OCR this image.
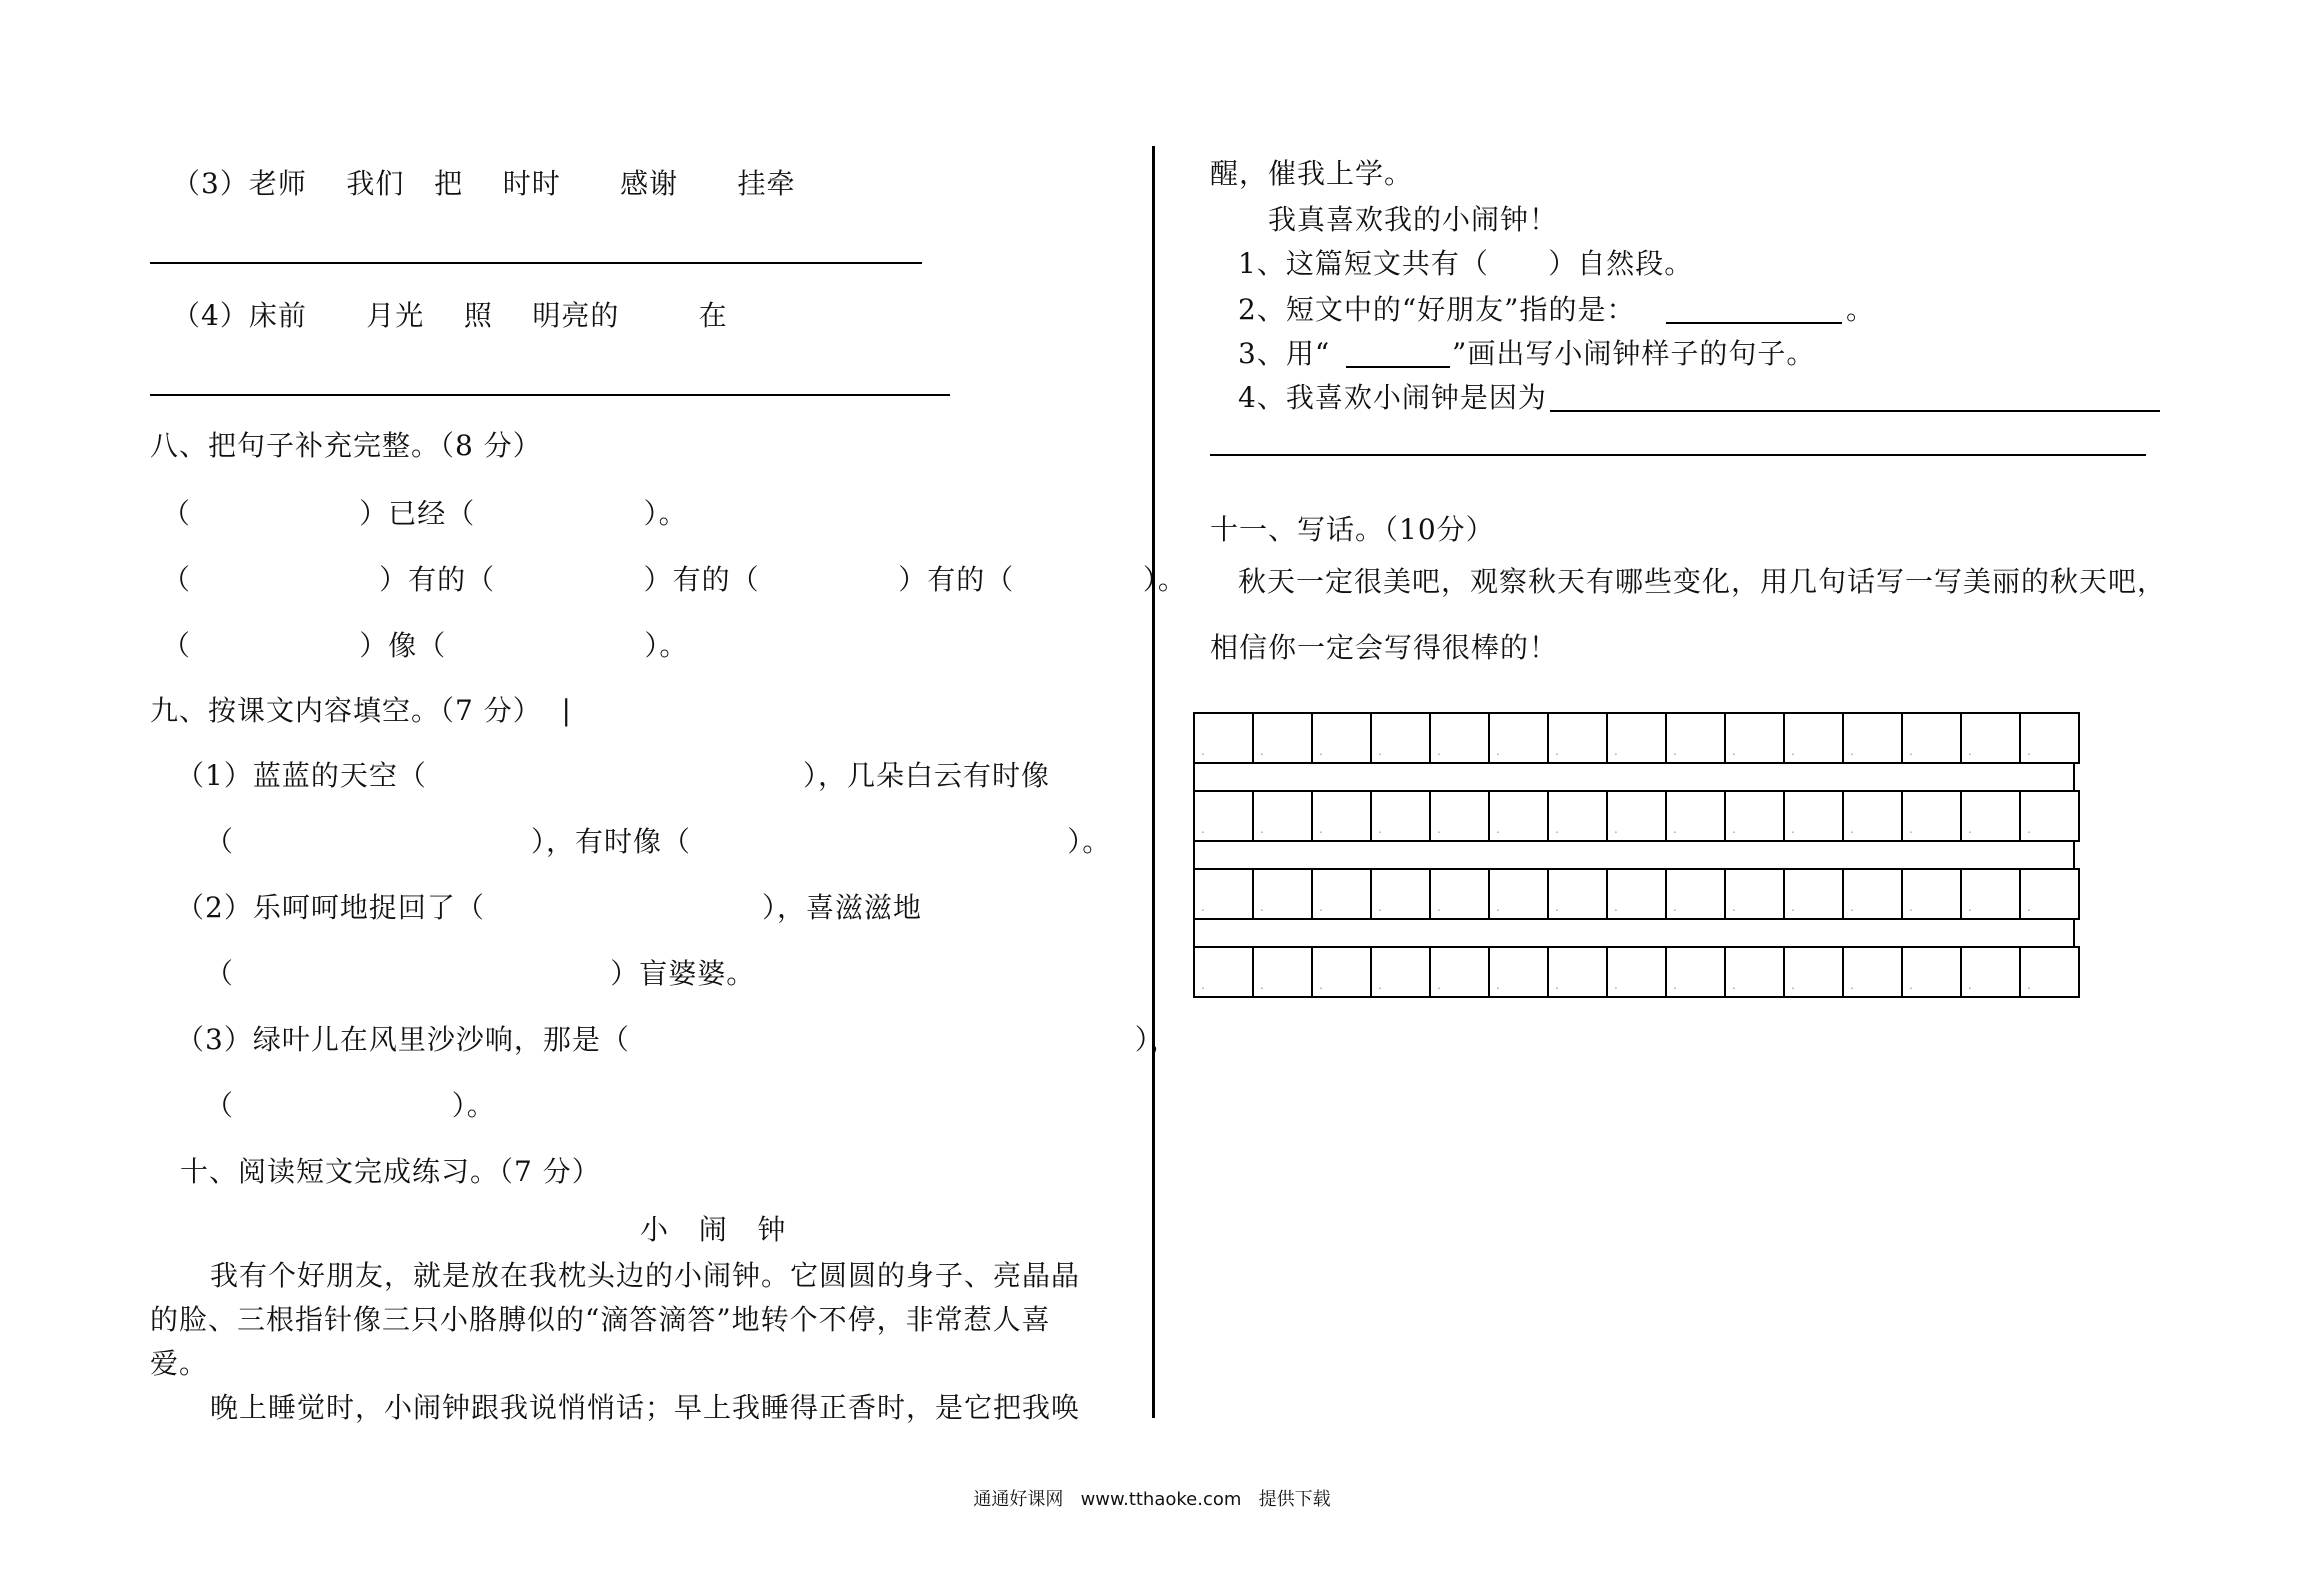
（3）老师    我们   把    时时      感谢      挂牵
（4）床前      月光    照    明亮的        在
八、把句子补充完整。（8 分）
（                 ）已经（                 ）。
（                   ）有的（               ）有的（              ）有的（             ）。
（                 ）像（                    ）。
九、按课文内容填空。（7 分）  |
（1）蓝蓝的天空（                                      ），几朵白云有时像
（                              ），有时像（                                      ）。
（2）乐呵呵地捉回了（                            ），喜滋滋地
（                                      ）盲婆婆。
（3）绿叶儿在风里沙沙响，那是（                                                   ），
（                      ）。
十、阅读短文完成练习。（7 分）
小   闹   钟
我有个好朋友，就是放在我枕头边的小闹钟。它圆圆的身子、亮晶晶
的脸、三根指针像三只小胳膊似的“滴答滴答”地转个不停，非常惹人喜
爱。
晚上睡觉时，小闹钟跟我说悄悄话；早上我睡得正香时，是它把我唤
醒，催我上学。
我真喜欢我的小闹钟！
1、这篇短文共有（      ）自然段。
2、短文中的“好朋友”指的是：	。
3、用“	”画出写小闹钟样子的句子。
4、我喜欢小闹钟是因为
十一、写话。（10分）
秋天一定很美吧，观察秋天有哪些变化，用几句话写一写美丽的秋天吧，
相信你一定会写得很棒的！
.
.
.
.
.
.
.
.
.
.
.
.
.
.
.
.
.
.
.
.
.
.
.
.
.
.
.
.
.
.
.
.
.
.
.
.
.
.
.
.
.
.
.
.
.
.
.
.
.
.
.
.
.
.
.
.
.
.
.
.
通通好课网   www.tthaoke.com   提供下载
